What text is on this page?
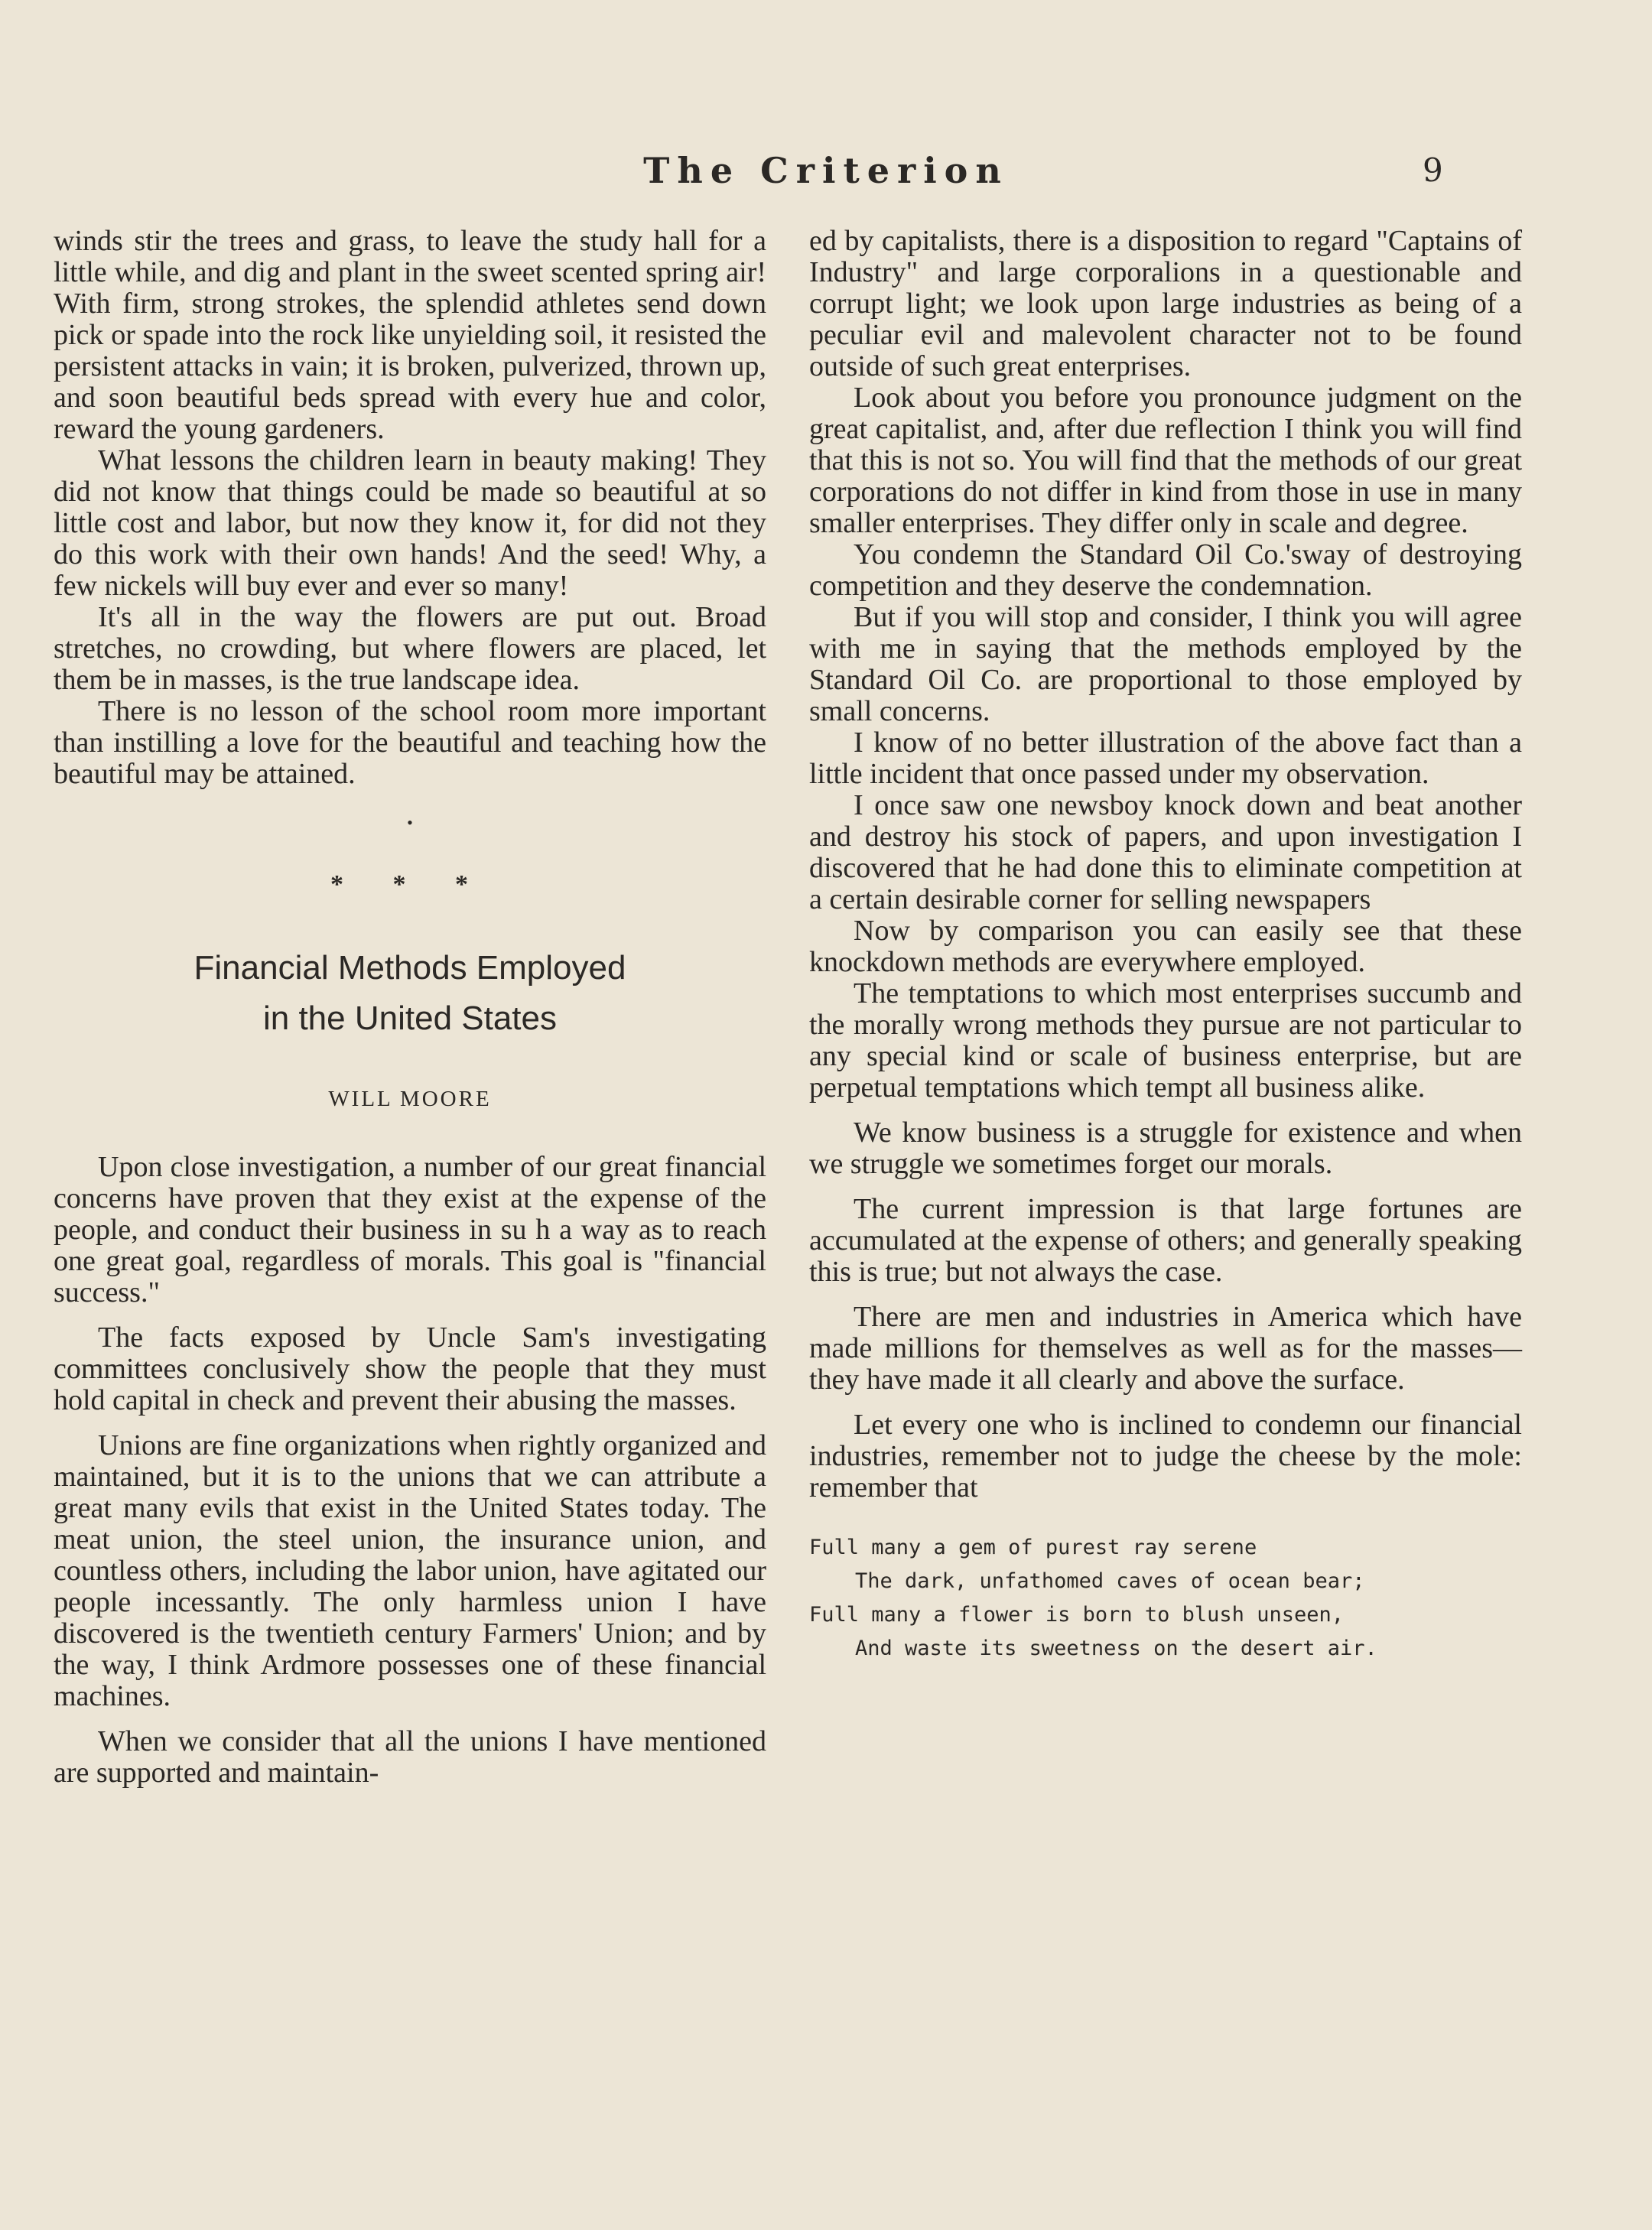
The Criterion	9

winds stir the trees and grass, to leave the study hall for a little while, and dig and plant in the sweet scented spring air! With firm, strong strokes, the splendid athletes send down pick or spade into the rock like unyielding soil, it resisted the persistent attacks in vain; it is broken, pulverized, thrown up, and soon beautiful beds spread with every hue and color, reward the young gardeners.

What lessons the children learn in beauty making! They did not know that things could be made so beautiful at so little cost and labor, but now they know it, for did not they do this work with their own hands! And the seed! Why, a few nickels will buy ever and ever so many!

It's all in the way the flowers are put out. Broad stretches, no crowding, but where flowers are placed, let them be in masses, is the true landscape idea.

There is no lesson of the school room more important than instilling a love for the beautiful and teaching how the beautiful may be attained.

•
* * *
Financial Methods Employed
in the United States
WILL MOORE

Upon close investigation, a number of our great financial concerns have proven that they exist at the expense of the people, and conduct their business in su h a way as to reach one great goal, regardless of morals. This goal is "financial success."

The facts exposed by Uncle Sam's investigating committees conclusively show the people that they must hold capital in check and prevent their abusing the masses.

Unions are fine organizations when rightly organized and maintained, but it is to the unions that we can attribute a great many evils that exist in the United States today. The meat union, the steel union, the insurance union, and countless others, including the labor union, have agitated our people incessantly. The only harmless union I have discovered is the twentieth century Farmers' Union; and by the way, I think Ardmore possesses one of these financial machines.

When we consider that all the unions I have mentioned are supported and maintain-

ed by capitalists, there is a disposition to regard "Captains of Industry" and large corporalions in a questionable and corrupt light; we look upon large industries as being of a peculiar evil and malevolent character not to be found outside of such great enterprises.

Look about you before you pronounce judgment on the great capitalist, and, after due reflection I think you will find that this is not so. You will find that the methods of our great corporations do not differ in kind from those in use in many smaller enterprises. They differ only in scale and degree.

You condemn the Standard Oil Co.'sway of destroying competition and they deserve the condemnation.

But if you will stop and consider, I think you will agree with me in saying that the methods employed by the Standard Oil Co. are proportional to those employed by small concerns.

I know of no better illustration of the above fact than a little incident that once passed under my observation.

I once saw one newsboy knock down and beat another and destroy his stock of papers, and upon investigation I discovered that he had done this to eliminate competition at a certain desirable corner for selling newspapers

Now by comparison you can easily see that these knockdown methods are everywhere employed.

The temptations to which most enterprises succumb and the morally wrong methods they pursue are not particular to any special kind or scale of business enterprise, but are perpetual temptations which tempt all business alike.

We know business is a struggle for existence and when we struggle we sometimes forget our morals.

The current impression is that large fortunes are accumulated at the expense of others; and generally speaking this is true; but not always the case.

There are men and industries in America which have made millions for themselves as well as for the masses—they have made it all clearly and above the surface.

Let every one who is inclined to condemn our financial industries, remember not to judge the cheese by the mole: remember that

Full many a gem of purest ray serene
The dark, unfathomed caves of ocean bear;
Full many a flower is born to blush unseen,
And waste its sweetness on the desert air.
